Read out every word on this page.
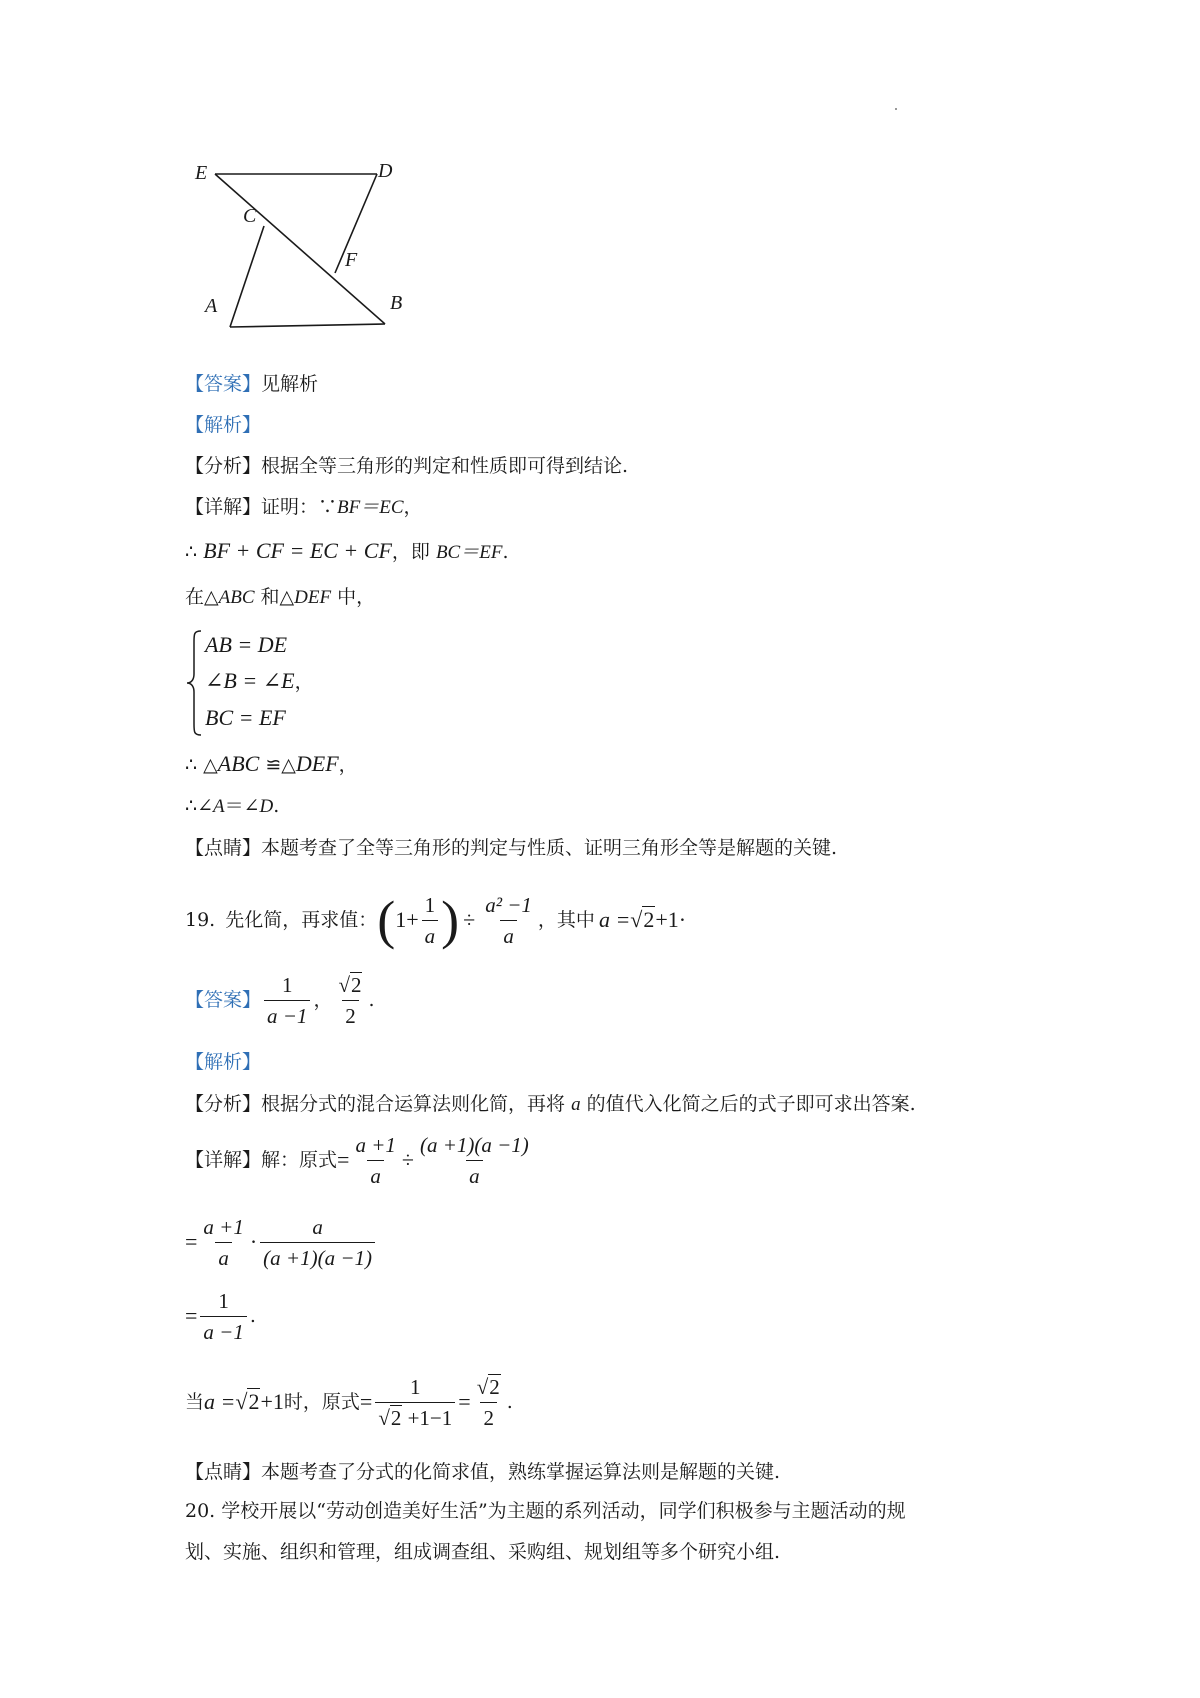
E	D
C
F
A	B
【答案】见解析
【解析】
【分析】根据全等三角形的判定和性质即可得到结论.
【详解】证明：∵BF＝EC，
∴ BF + CF = EC + CF，即 BC＝EF.
在△ABC 和△DEF 中，
AB = DE
∠B = ∠E，
BC = EF
∴ △ABC ≌△DEF，
∴∠A＝∠D.
【点睛】本题考查了全等三角形的判定与性质、证明三角形全等是解题的关键.
19. 先化简，再求值： ( $1+ \frac{1}{a}$ ) ÷ $\frac{\text{a² −1}}{a}$ ，其中 a = √ 2 +1 ·
【答案】 $\frac{1}{a -1}$ ， $\frac{√2}{2}$ .
【解析】
【分析】根据分式的混合运算法则化简，再将 a 的值代入化简之后的式子即可求出答案.
【详解】 解：原式 = $\frac{a +1}{a} \div \frac{(a +1)(a -1)}{a}$
= $\frac{a +1}{a} \cdot \frac{a}{(a +1)(a -1)}$
= $\frac{1}{a -1}$ .
当 a = √ 2 +1 时，原式 = $\frac{1}{√2 +1-1} = \frac{√2}{2}$ .
【点睛】本题考查了分式的化简求值，熟练掌握运算法则是解题的关键.
20. 学校开展以“劳动创造美好生活”为主题的系列活动，同学们积极参与主题活动的规
划、实施、组织和管理，组成调查组、采购组、规划组等多个研究小组.
